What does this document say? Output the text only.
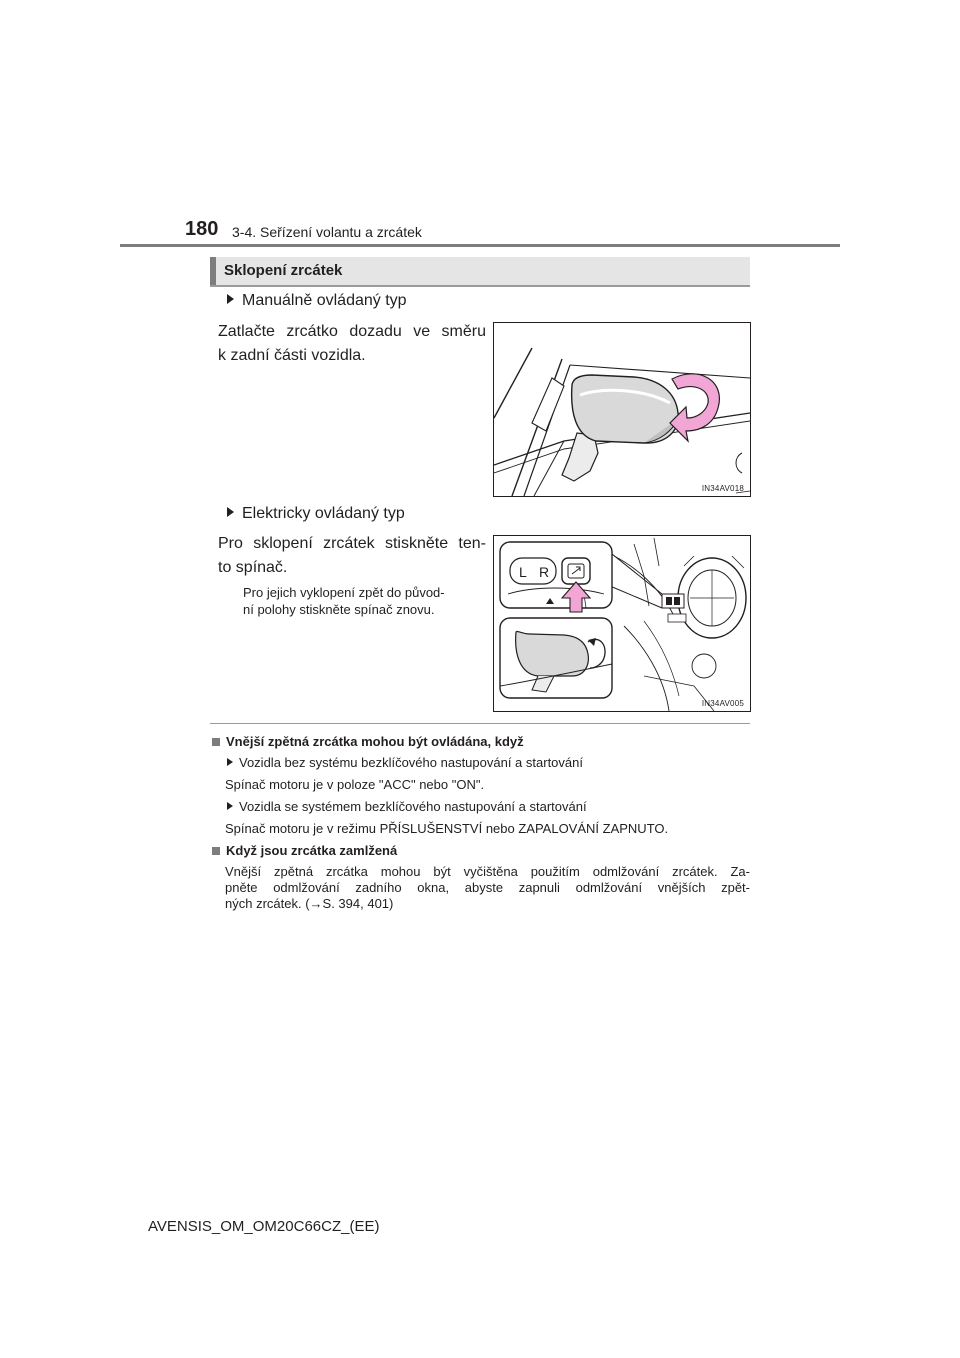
180 3-4. Seřízení volantu a zrcátek
Sklopení zrcátek
Manuálně ovládaný typ
Zatlačte zrcátko dozadu ve směru
k zadní části vozidla.
IN34AV018
Elektricky ovládaný typ
Pro sklopení zrcátek stiskněte ten-
to spínač.
Pro jejich vyklopení zpět do původ-
ní polohy stiskněte spínač znovu.
L R
IN34AV005
Vnější zpětná zrcátka mohou být ovládána, když
Vozidla bez systému bezklíčového nastupování a startování
Spínač motoru je v poloze "ACC" nebo "ON".
Vozidla se systémem bezklíčového nastupování a startování
Spínač motoru je v režimu PŘÍSLUŠENSTVÍ nebo ZAPALOVÁNÍ ZAPNUTO.
Když jsou zrcátka zamlžená
Vnější zpětná zrcátka mohou být vyčištěna použitím odmlžování zrcátek. Za-
pněte odmlžování zadního okna, abyste zapnuli odmlžování vnějších zpět-
ných zrcátek. (→S. 394, 401)
AVENSIS_OM_OM20C66CZ_(EE)
